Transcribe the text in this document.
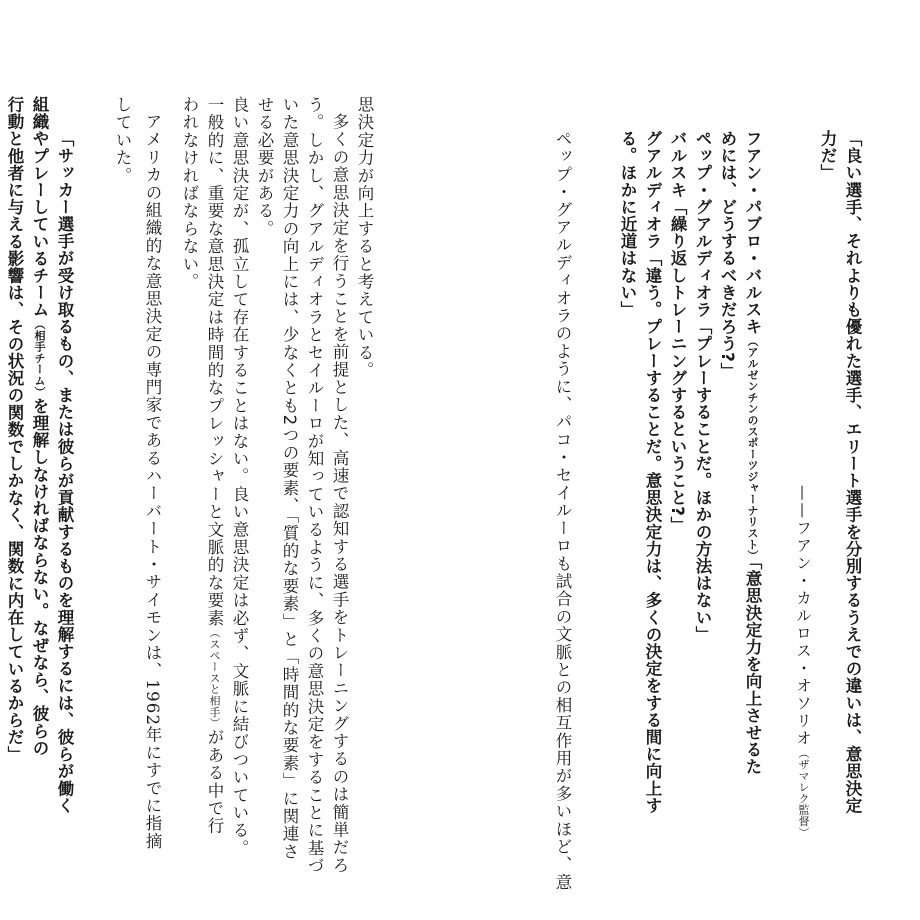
「良い選手、それよりも優れた選手、エリート選手を分別するうえでの違いは、意思決定
力だ」
——フアン・カルロス・オソリオ（ザマレク監督）
フアン・パブロ・バルスキ（アルゼンチンのスポーツジャーナリスト）「意思決定力を向上させるた
めには、どうするべきだろう?」
ペップ・グアルディオラ「プレーすることだ。ほかの方法はない」
バルスキ「繰り返しトレーニングするということ?」
グアルディオラ「違う。プレーすることだ。意思決定力は、多くの決定をする間に向上す
る。ほかに近道はない」
ペップ・グアルディオラのように、パコ・セイルーロも試合の文脈との相互作用が多いほど、意
思決定力が向上すると考えている。
多くの意思決定を行うことを前提とした、高速で認知する選手をトレーニングするのは簡単だろ
う。しかし、グアルディオラとセイルーロが知っているように、多くの意思決定をすることに基づ
いた意思決定力の向上には、少なくとも2つの要素、「質的な要素」と「時間的な要素」に関連さ
せる必要がある。
良い意思決定が、孤立して存在することはない。良い意思決定は必ず、文脈に結びついている。
一般的に、重要な意思決定は時間的なプレッシャーと文脈的な要素（スペースと相手）がある中で行
われなければならない。
アメリカの組織的な意思決定の専門家であるハーバート・サイモンは、1962年にすでに指摘
していた。
「サッカー選手が受け取るもの、または彼らが貢献するものを理解するには、彼らが働く
組織やプレーしているチーム（相手チーム）を理解しなければならない。なぜなら、彼らの
行動と他者に与える影響は、その状況の関数でしかなく、関数に内在しているからだ」
